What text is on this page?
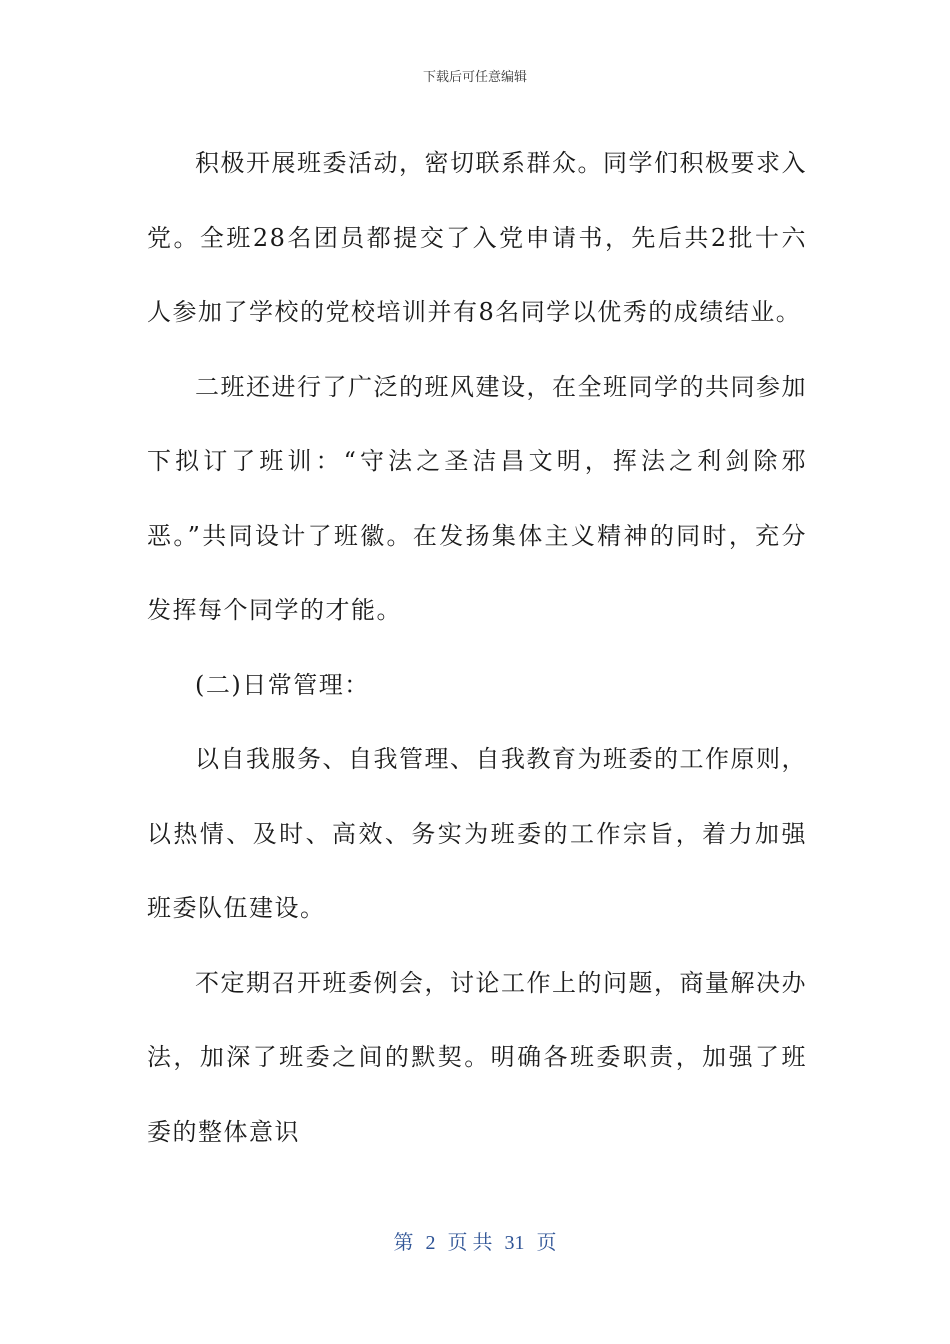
下载后可任意编辑

积极开展班委活动，密切联系群众。同学们积极要求入党。全班28名团员都提交了入党申请书，先后共2批十六人参加了学校的党校培训并有8名同学以优秀的成绩结业。

二班还进行了广泛的班风建设，在全班同学的共同参加下拟订了班训：“守法之圣洁昌文明，挥法之利剑除邪恶。”共同设计了班徽。在发扬集体主义精神的同时，充分发挥每个同学的才能。

(二)日常管理：

以自我服务、自我管理、自我教育为班委的工作原则，以热情、及时、高效、务实为班委的工作宗旨，着力加强班委队伍建设。

不定期召开班委例会，讨论工作上的问题，商量解决办法，加深了班委之间的默契。明确各班委职责，加强了班委的整体意识

第 2 页 共 31 页
